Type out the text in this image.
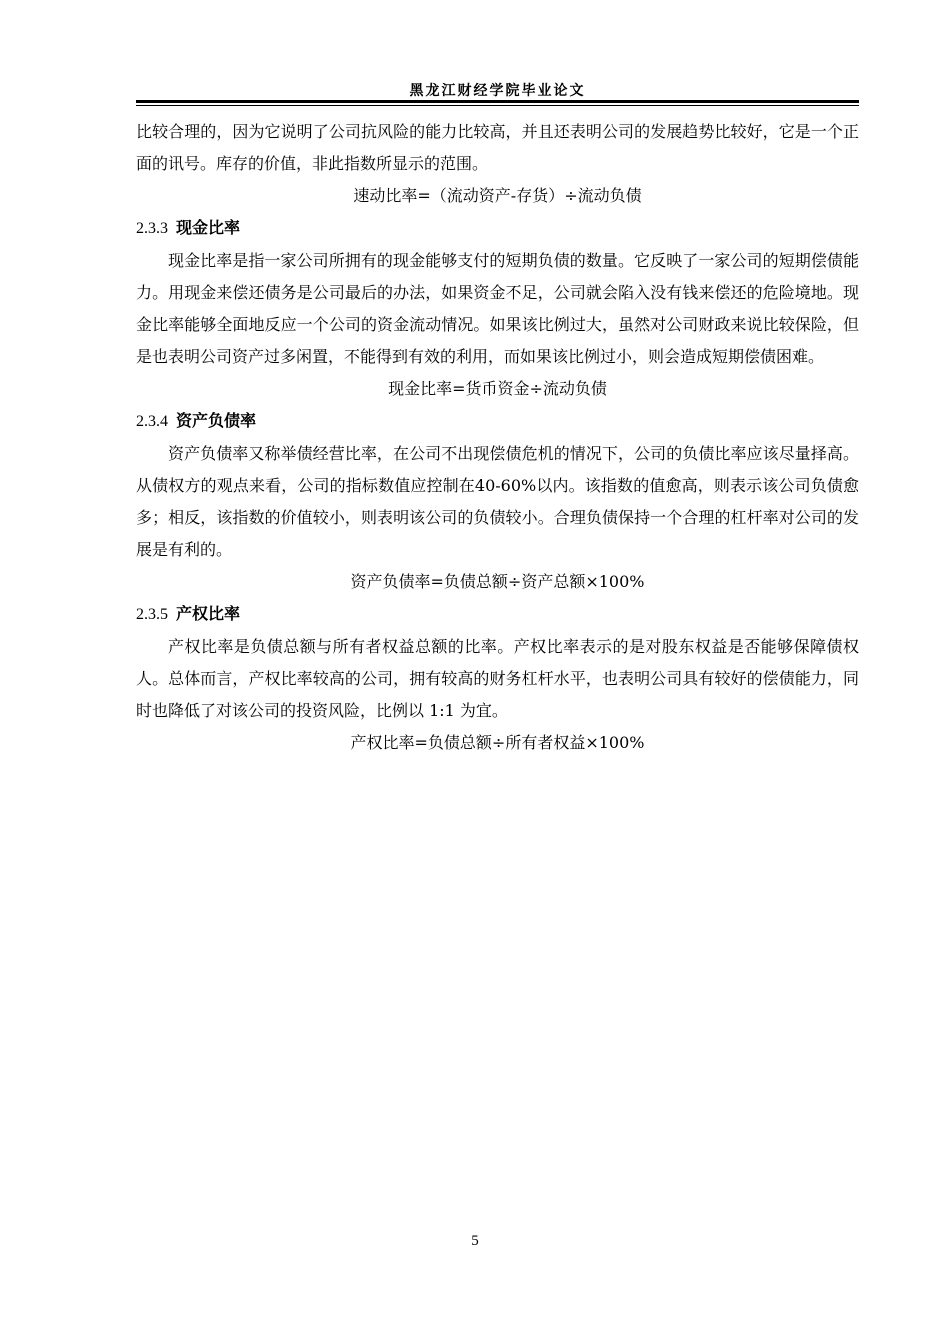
黑龙江财经学院毕业论文

比较合理的，因为它说明了公司抗风险的能力比较高，并且还表明公司的发展趋势比较好，它是一个正面的讯号。库存的价值，非此指数所显示的范围。

速动比率=（流动资产-存货）÷流动负债

2.3.3 现金比率

现金比率是指一家公司所拥有的现金能够支付的短期负债的数量。它反映了一家公司的短期偿债能力。用现金来偿还债务是公司最后的办法，如果资金不足，公司就会陷入没有钱来偿还的危险境地。现金比率能够全面地反应一个公司的资金流动情况。如果该比例过大，虽然对公司财政来说比较保险，但是也表明公司资产过多闲置，不能得到有效的利用，而如果该比例过小，则会造成短期偿债困难。

现金比率=货币资金÷流动负债

2.3.4 资产负债率

资产负债率又称举债经营比率，在公司不出现偿债危机的情况下，公司的负债比率应该尽量择高。从债权方的观点来看，公司的指标数值应控制在40-60%以内。该指数的值愈高，则表示该公司负债愈多；相反，该指数的价值较小，则表明该公司的负债较小。合理负债保持一个合理的杠杆率对公司的发展是有利的。

资产负债率=负债总额÷资产总额×100%

2.3.5 产权比率

产权比率是负债总额与所有者权益总额的比率。产权比率表示的是对股东权益是否能够保障债权人。总体而言，产权比率较高的公司，拥有较高的财务杠杆水平，也表明公司具有较好的偿债能力，同时也降低了对该公司的投资风险，比例以 1:1 为宜。

产权比率=负债总额÷所有者权益×100%

5
